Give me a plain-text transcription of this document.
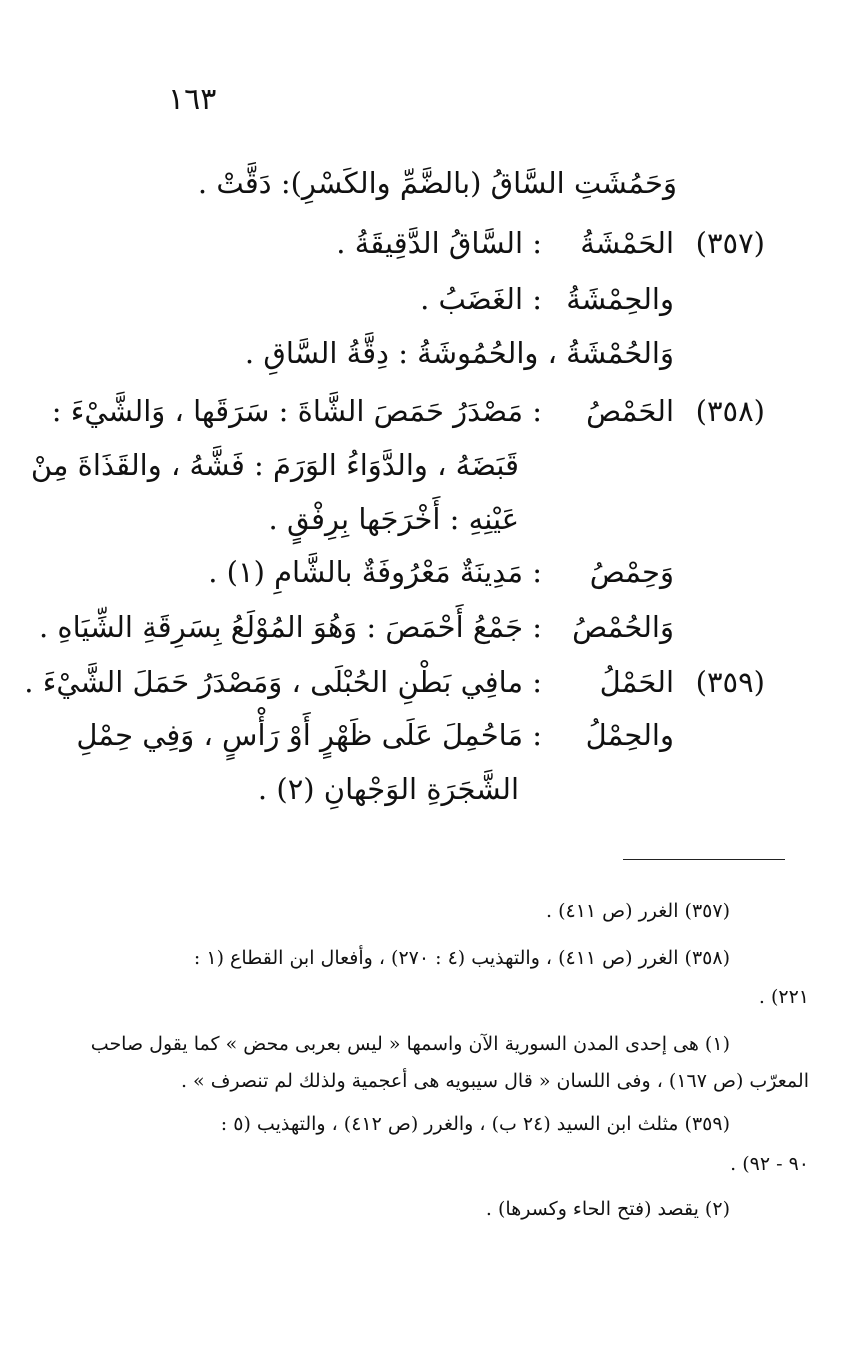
١٦٣
وَحَمُشَتِ السَّاقُ (بالضَّمِّ والكَسْرِ): دَقَّتْ .
(٣٥٧)
الحَمْشَةُ
: السَّاقُ الدَّقِيقَةُ .
والحِمْشَةُ
: الغَضَبُ .
وَالحُمْشَةُ ، والحُمُوشَةُ : دِقَّةُ السَّاقِ .
(٣٥٨)
الحَمْصُ
: مَصْدَرُ حَمَصَ الشَّاةَ : سَرَقَها ، وَالشَّيْءَ :
قَبَضَهُ ، والدَّوَاءُ الوَرَمَ : فَشَّهُ ، والقَذَاةَ مِنْ
عَيْنِهِ : أَخْرَجَها بِرِفْقٍ .
وَحِمْصُ
: مَدِينَةٌ مَعْرُوفَةٌ بالشَّامِ (١) .
وَالحُمْصُ
: جَمْعُ أَحْمَصَ : وَهُوَ المُوْلَعُ بِسَرِقَةِ الشِّيَاهِ .
(٣٥٩)
الحَمْلُ
: مافِي بَطْنِ الحُبْلَى ، وَمَصْدَرُ حَمَلَ الشَّيْءَ .
والحِمْلُ
: مَاحُمِلَ عَلَى ظَهْرٍ أَوْ رَأْسٍ ، وَفِي حِمْلِ
الشَّجَرَةِ الوَجْهانِ (٢) .
(٣٥٧) الغرر (ص ٤١١) .
(٣٥٨) الغرر (ص ٤١١) ، والتهذيب (٤ : ٢٧٠) ، وأفعال ابن القطاع (١ :
٢٢١) .
(١) هى إحدى المدن السورية الآن واسمها « ليس بعربى محض » كما يقول صاحب
المعرّب (ص ١٦٧) ، وفى اللسان « قال سيبويه هى أعجمية ولذلك لم تنصرف » .
(٣٥٩) مثلث ابن السيد (٢٤ ب) ، والغرر (ص ٤١٢) ، والتهذيب (٥ :
٩٠ - ٩٢) .
(٢) يقصد (فتح الحاء وكسرها) .
